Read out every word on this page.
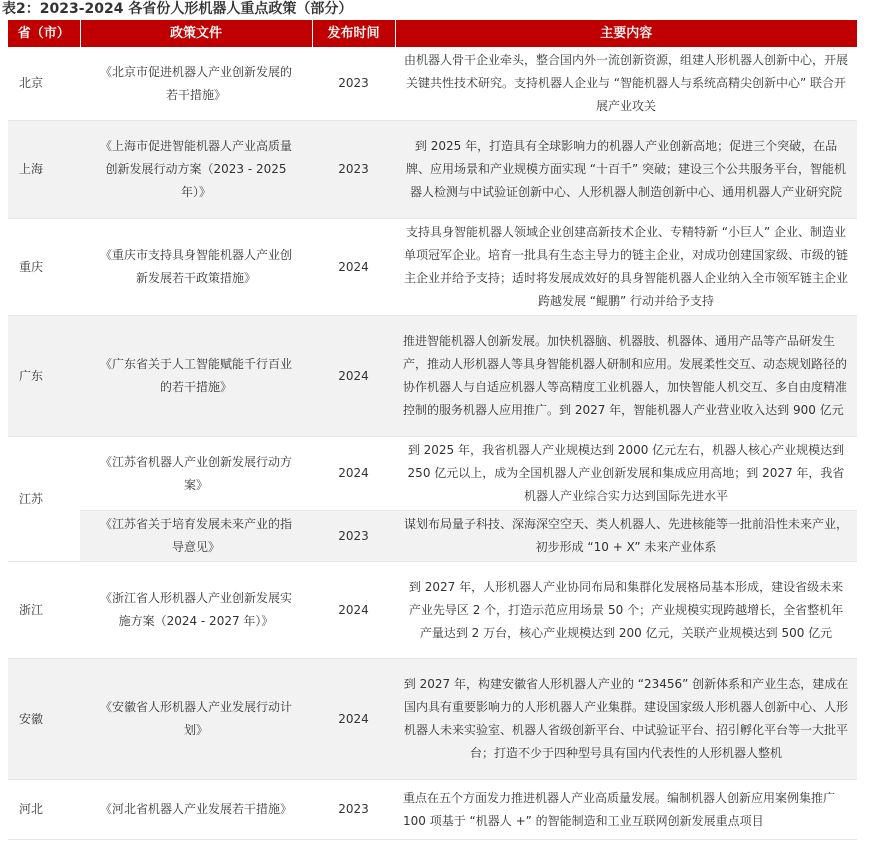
表2：2023-2024 各省份人形机器人重点政策（部分）
省（市）	政策文件	发布时间	主要内容
北京	《北京市促进机器人产业创新发展的若干措施》	2023	由机器人骨干企业牵头，整合国内外一流创新资源，组建人形机器人创新中心，开展关键共性技术研究。支持机器人企业与 “智能机器人与系统高精尖创新中心” 联合开展产业攻关
上海	《上海市促进智能机器人产业高质量创新发展行动方案（2023 - 2025 年）》	2023	到 2025 年，打造具有全球影响力的机器人产业创新高地；促进三个突破，在品牌、应用场景和产业规模方面实现 “十百千” 突破；建设三个公共服务平台，智能机器人检测与中试验证创新中心、人形机器人制造创新中心、通用机器人产业研究院
重庆	《重庆市支持具身智能机器人产业创新发展若干政策措施》	2024	支持具身智能机器人领域企业创建高新技术企业、专精特新 “小巨人” 企业、制造业单项冠军企业。培育一批具有生态主导力的链主企业，对成功创建国家级、市级的链主企业并给予支持；适时将发展成效好的具身智能机器人企业纳入全市领军链主企业跨越发展 “鲲鹏” 行动并给予支持
广东	《广东省关于人工智能赋能千行百业的若干措施》	2024	推进智能机器人创新发展。加快机器脑、机器肢、机器体、通用产品等产品研发生产，推动人形机器人等具身智能机器人研制和应用。发展柔性交互、动态规划路径的协作机器人与自适应机器人等高精度工业机器人，加快智能人机交互、多自由度精准控制的服务机器人应用推广。到 2027 年，智能机器人产业营业收入达到 900 亿元
江苏	《江苏省机器人产业创新发展行动方案》	2024	到 2025 年，我省机器人产业规模达到 2000 亿元左右，机器人核心产业规模达到 250 亿元以上，成为全国机器人产业创新发展和集成应用高地；到 2027 年，我省机器人产业综合实力达到国际先进水平
	《江苏省关于培育发展未来产业的指导意见》	2023	谋划布局量子科技、深海深空空天、类人机器人、先进核能等一批前沿性未来产业，初步形成 “10 + X” 未来产业体系
浙江	《浙江省人形机器人产业创新发展实施方案（2024 - 2027 年）》	2024	到 2027 年，人形机器人产业协同布局和集群化发展格局基本形成，建设省级未来产业先导区 2 个，打造示范应用场景 50 个；产业规模实现跨越增长，全省整机年产量达到 2 万台，核心产业规模达到 200 亿元，关联产业规模达到 500 亿元
安徽	《安徽省人形机器人产业发展行动计划》	2024	到 2027 年，构建安徽省人形机器人产业的 “23456” 创新体系和产业生态，建成在国内具有重要影响力的人形机器人产业集群。建设国家级人形机器人创新中心、人形机器人未来实验室、机器人省级创新平台、中试验证平台、招引孵化平台等一大批平台；打造不少于四种型号具有国内代表性的人形机器人整机
河北	《河北省机器人产业发展若干措施》	2023	重点在五个方面发力推进机器人产业高质量发展。编制机器人创新应用案例集推广 100 项基于 “机器人 +” 的智能制造和工业互联网创新发展重点项目
